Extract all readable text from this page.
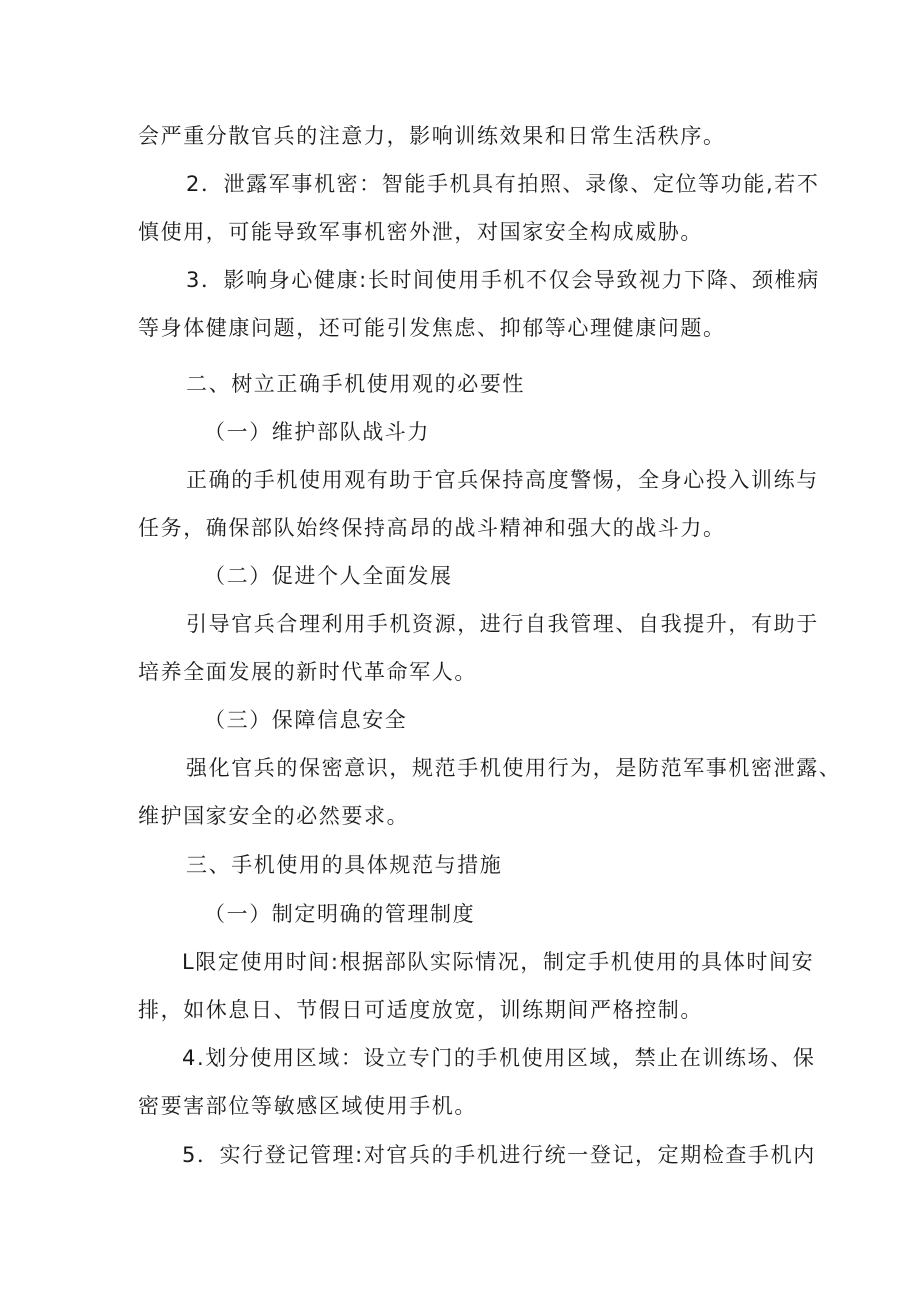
会严重分散官兵的注意力，影响训练效果和日常生活秩序。
2．泄露军事机密：智能手机具有拍照、录像、定位等功能,若不
慎使用，可能导致军事机密外泄，对国家安全构成威胁。
3．影响身心健康:长时间使用手机不仅会导致视力下降、颈椎病
等身体健康问题，还可能引发焦虑、抑郁等心理健康问题。
二、树立正确手机使用观的必要性
（一）维护部队战斗力
正确的手机使用观有助于官兵保持高度警惕，全身心投入训练与
任务，确保部队始终保持高昂的战斗精神和强大的战斗力。
（二）促进个人全面发展
引导官兵合理利用手机资源，进行自我管理、自我提升，有助于
培养全面发展的新时代革命军人。
（三）保障信息安全
强化官兵的保密意识，规范手机使用行为，是防范军事机密泄露、
维护国家安全的必然要求。
三、手机使用的具体规范与措施
（一）制定明确的管理制度
L限定使用时间:根据部队实际情况，制定手机使用的具体时间安
排，如休息日、节假日可适度放宽，训练期间严格控制。
4.划分使用区域：设立专门的手机使用区域，禁止在训练场、保
密要害部位等敏感区域使用手机。
5．实行登记管理:对官兵的手机进行统一登记，定期检查手机内
